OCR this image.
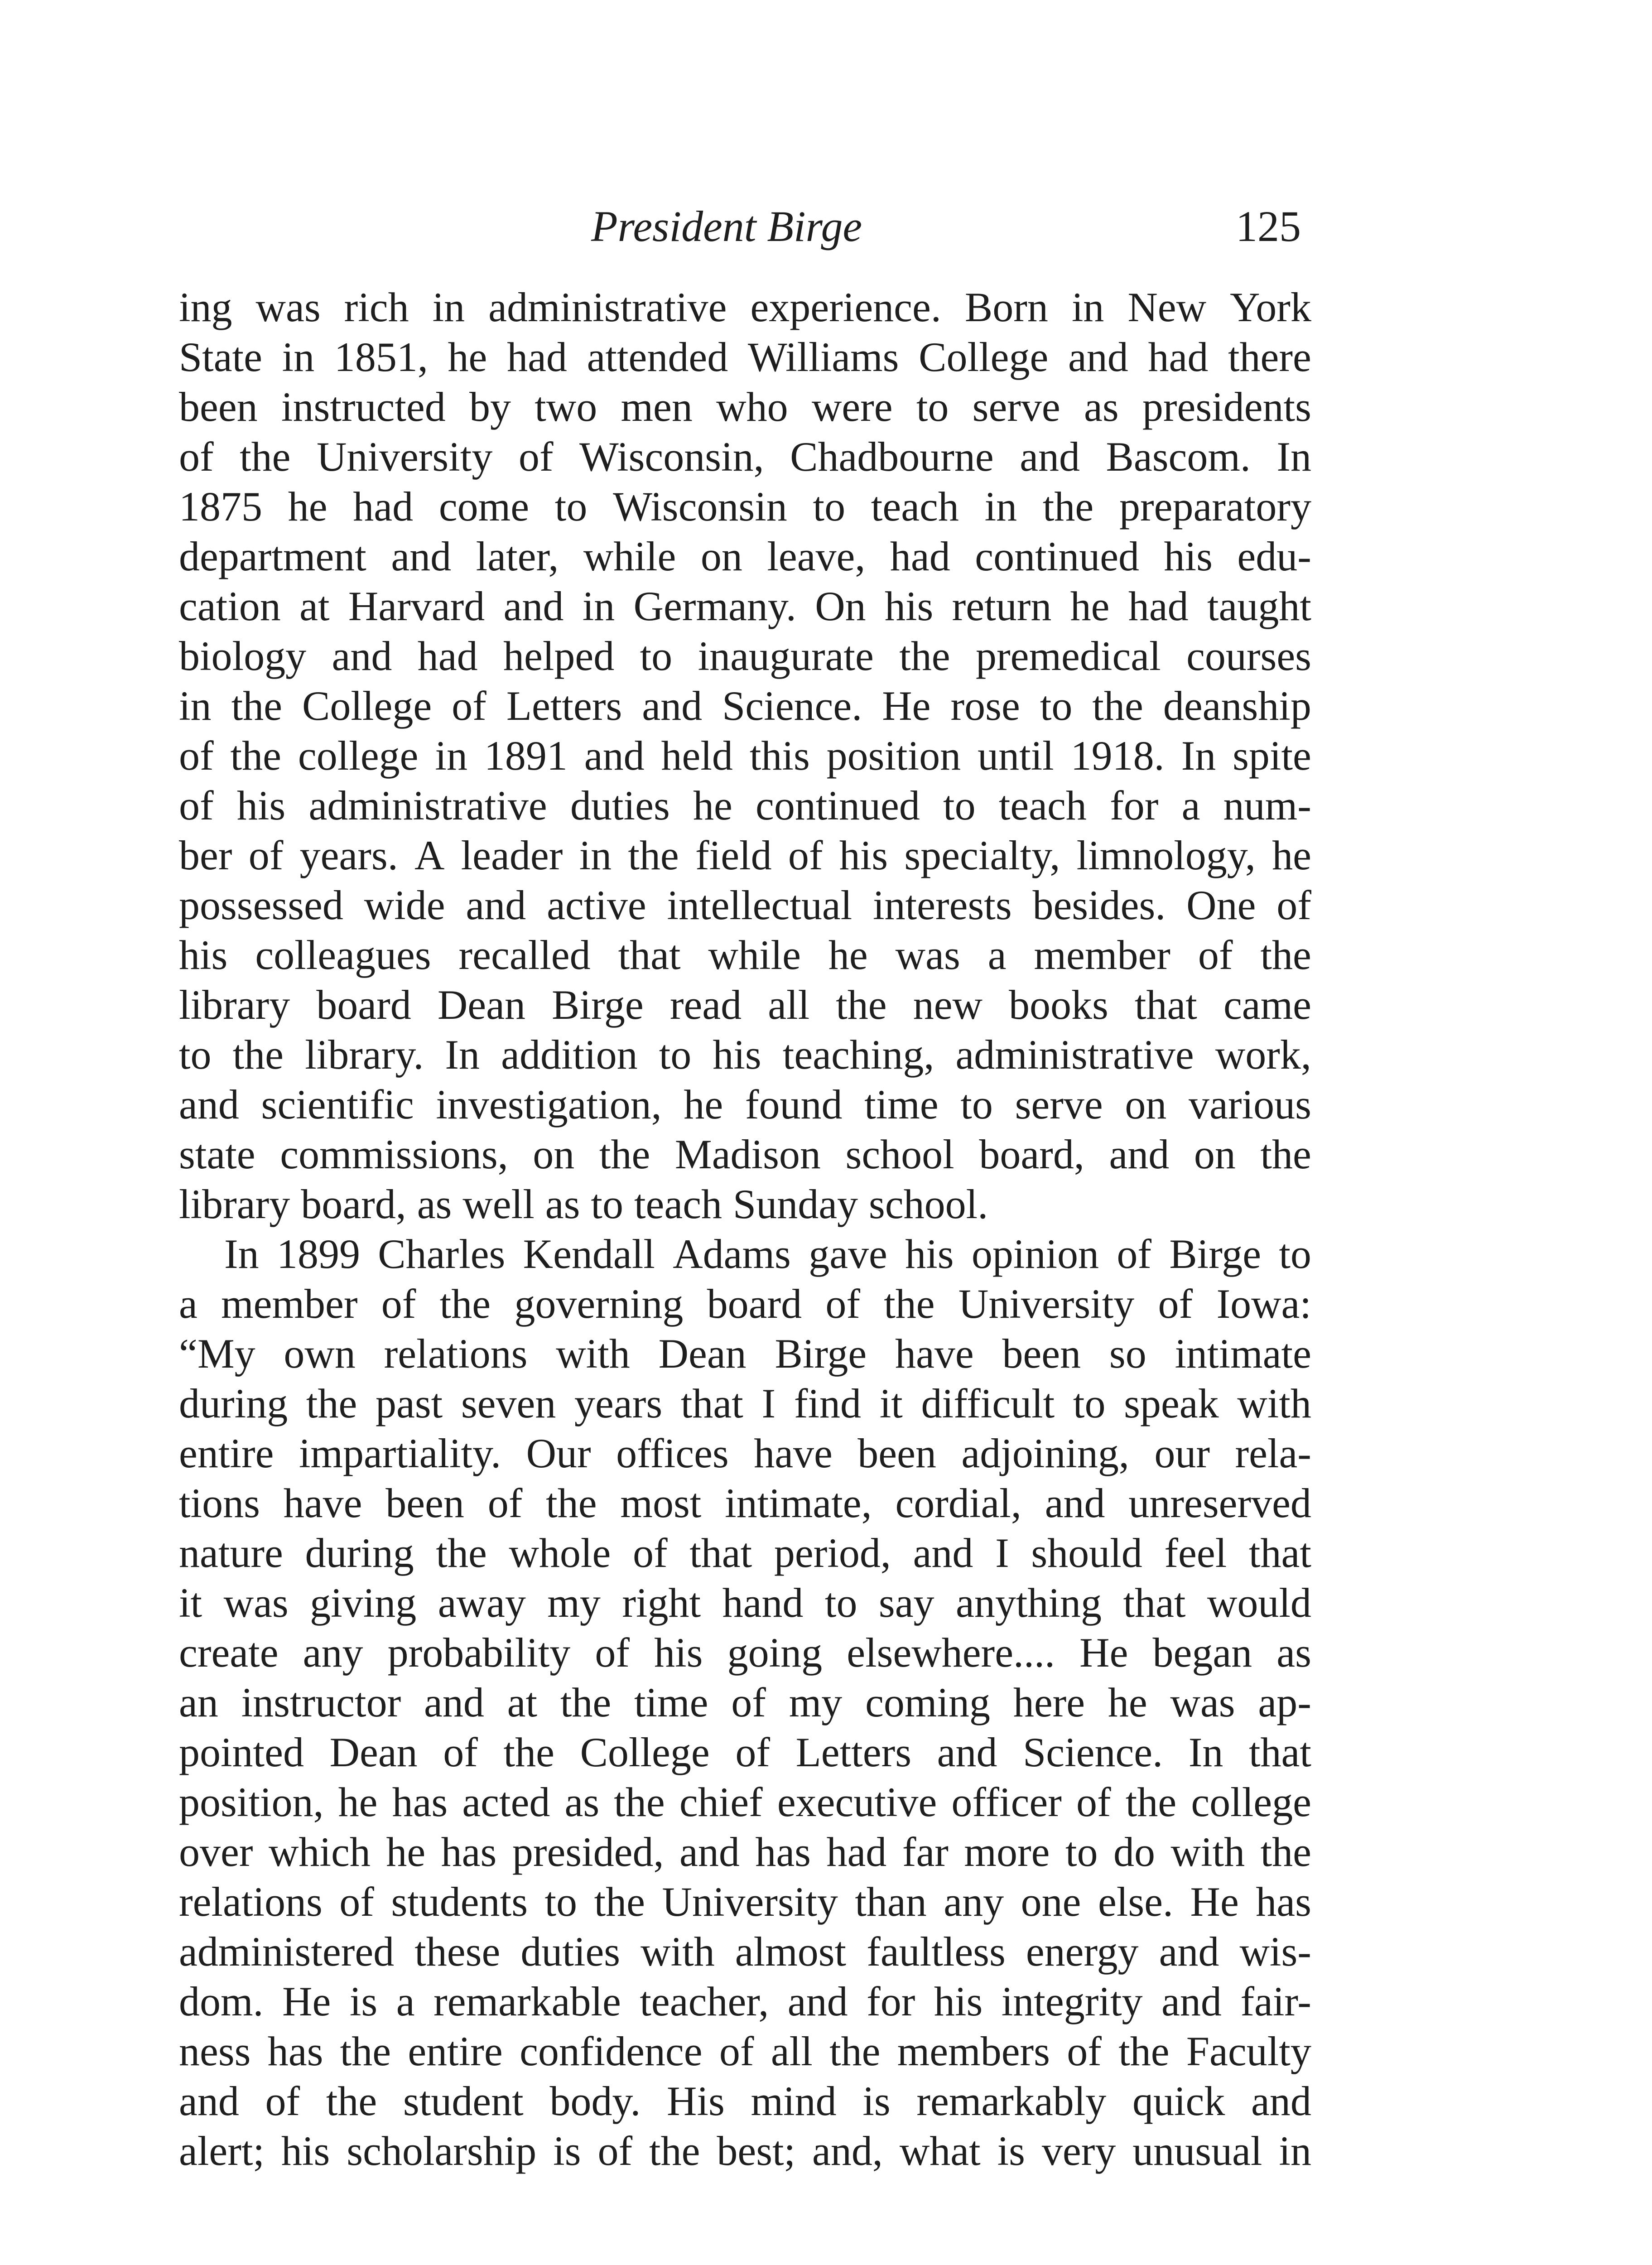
President Birge	125
ing was rich in administrative experience. Born in New York
State in 1851, he had attended Williams College and had there
been instructed by two men who were to serve as presidents
of the University of Wisconsin, Chadbourne and Bascom. In
1875 he had come to Wisconsin to teach in the preparatory
department and later, while on leave, had continued his edu-
cation at Harvard and in Germany. On his return he had taught
biology and had helped to inaugurate the premedical courses
in the College of Letters and Science. He rose to the deanship
of the college in 1891 and held this position until 1918. In spite
of his administrative duties he continued to teach for a num-
ber of years. A leader in the field of his specialty, limnology, he
possessed wide and active intellectual interests besides. One of
his colleagues recalled that while he was a member of the
library board Dean Birge read all the new books that came
to the library. In addition to his teaching, administrative work,
and scientific investigation, he found time to serve on various
state commissions, on the Madison school board, and on the
library board, as well as to teach Sunday school.
In 1899 Charles Kendall Adams gave his opinion of Birge to
a member of the governing board of the University of Iowa:
“My own relations with Dean Birge have been so intimate
during the past seven years that I find it difficult to speak with
entire impartiality. Our offices have been adjoining, our rela-
tions have been of the most intimate, cordial, and unreserved
nature during the whole of that period, and I should feel that
it was giving away my right hand to say anything that would
create any probability of his going elsewhere.... He began as
an instructor and at the time of my coming here he was ap-
pointed Dean of the College of Letters and Science. In that
position, he has acted as the chief executive officer of the college
over which he has presided, and has had far more to do with the
relations of students to the University than any one else. He has
administered these duties with almost faultless energy and wis-
dom. He is a remarkable teacher, and for his integrity and fair-
ness has the entire confidence of all the members of the Faculty
and of the student body. His mind is remarkably quick and
alert; his scholarship is of the best; and, what is very unusual in
